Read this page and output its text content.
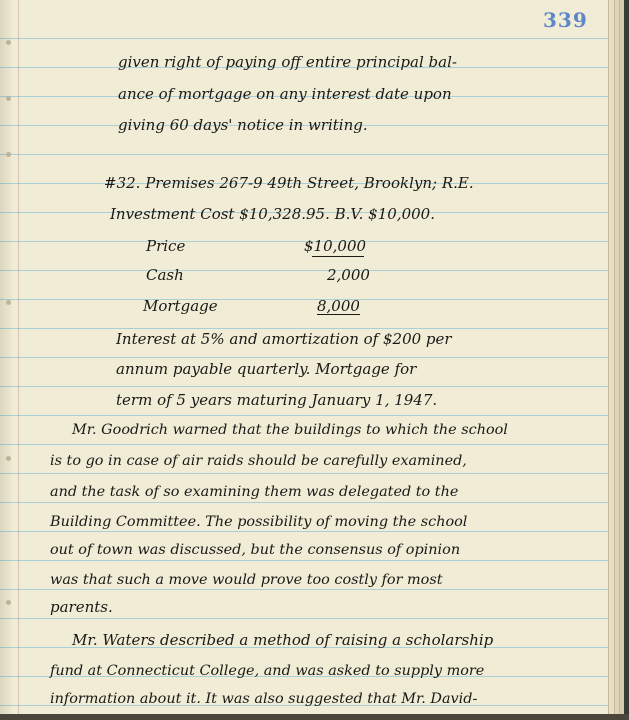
339
given right of paying off entire principal bal-
ance of mortgage on any interest date upon
giving 60 days' notice in writing.
#32. Premises 267-9 49th Street, Brooklyn; R.E.
Investment Cost $10,328.95. B.V. $10,000.
Price	$10,000
Cash	2,000
Mortgage	8,000
Interest at 5% and amortization of $200 per
annum payable quarterly. Mortgage for
term of 5 years maturing January 1, 1947.
Mr. Goodrich warned that the buildings to which the school
is to go in case of air raids should be carefully examined,
and the task of so examining them was delegated to the
Building Committee. The possibility of moving the school
out of town was discussed, but the consensus of opinion
was that such a move would prove too costly for most
parents.
Mr. Waters described a method of raising a scholarship
fund at Connecticut College, and was asked to supply more
information about it. It was also suggested that Mr. David-
